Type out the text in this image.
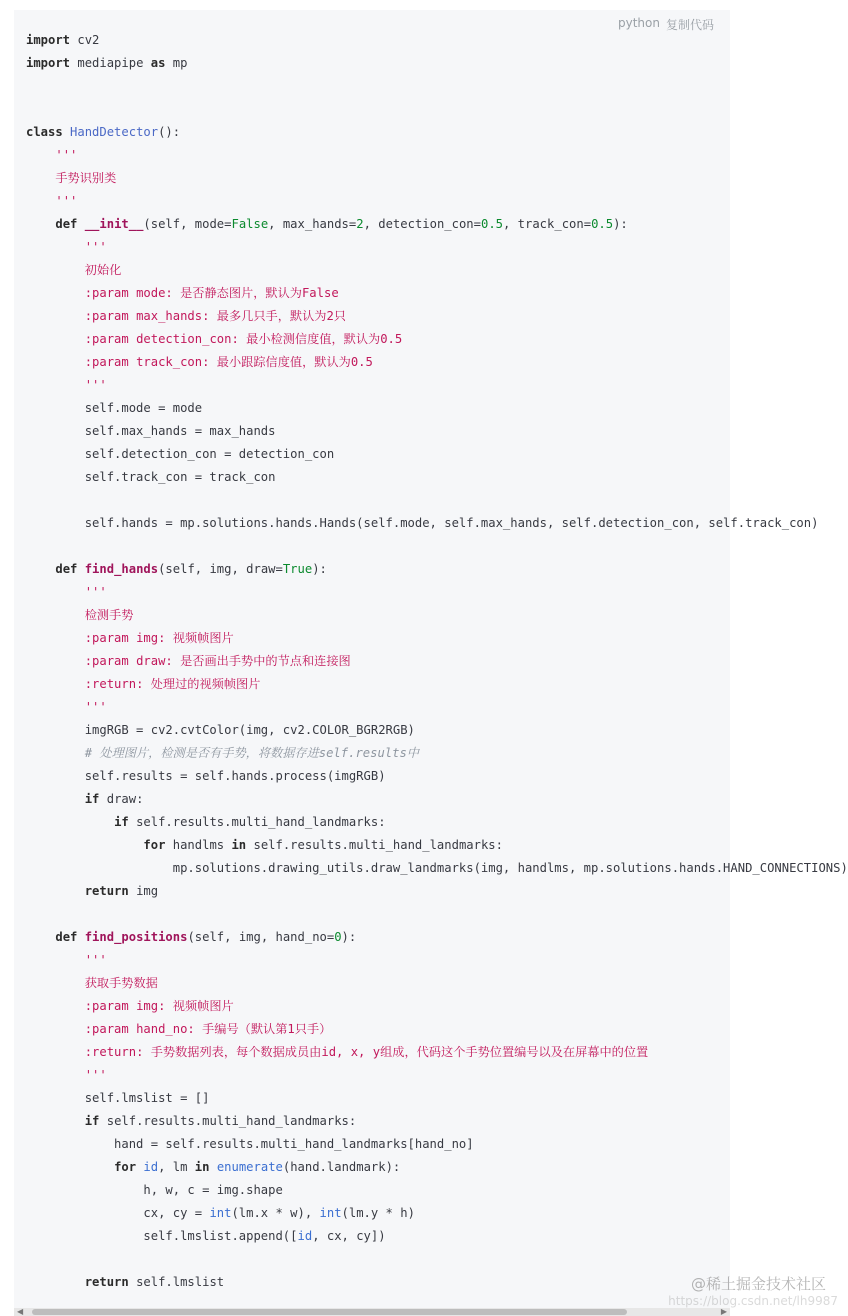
python 复制代码
import cv2
import mediapipe as mp

class HandDetector():
'''
手势识别类
'''
def __init__(self, mode=False, max_hands=2, detection_con=0.5, track_con=0.5):
'''
初始化
:param mode: 是否静态图片，默认为False
:param max_hands: 最多几只手，默认为2只
:param detection_con: 最小检测信度值，默认为0.5
:param track_con: 最小跟踪信度值，默认为0.5
'''
self.mode = mode
self.max_hands = max_hands
self.detection_con = detection_con
self.track_con = track_con

self.hands = mp.solutions.hands.Hands(self.mode, self.max_hands, self.detection_con, self.track_con)

def find_hands(self, img, draw=True):
'''
检测手势
:param img: 视频帧图片
:param draw: 是否画出手势中的节点和连接图
:return: 处理过的视频帧图片
'''
imgRGB = cv2.cvtColor(img, cv2.COLOR_BGR2RGB)
# 处理图片，检测是否有手势，将数据存进self.results中
self.results = self.hands.process(imgRGB)
if draw:
if self.results.multi_hand_landmarks:
for handlms in self.results.multi_hand_landmarks:
mp.solutions.drawing_utils.draw_landmarks(img, handlms, mp.solutions.hands.HAND_CONNECTIONS)
return img

def find_positions(self, img, hand_no=0):
'''
获取手势数据
:param img: 视频帧图片
:param hand_no: 手编号（默认第1只手）
:return: 手势数据列表，每个数据成员由id, x, y组成，代码这个手势位置编号以及在屏幕中的位置
'''
self.lmslist = []
if self.results.multi_hand_landmarks:
hand = self.results.multi_hand_landmarks[hand_no]
for id, lm in enumerate(hand.landmark):
h, w, c = img.shape
cx, cy = int(lm.x * w), int(lm.y * h)
self.lmslist.append([id, cx, cy])

return self.lmslist
◀	▶
https://blog.csdn.net/lh9987
@稀土掘金技术社区
